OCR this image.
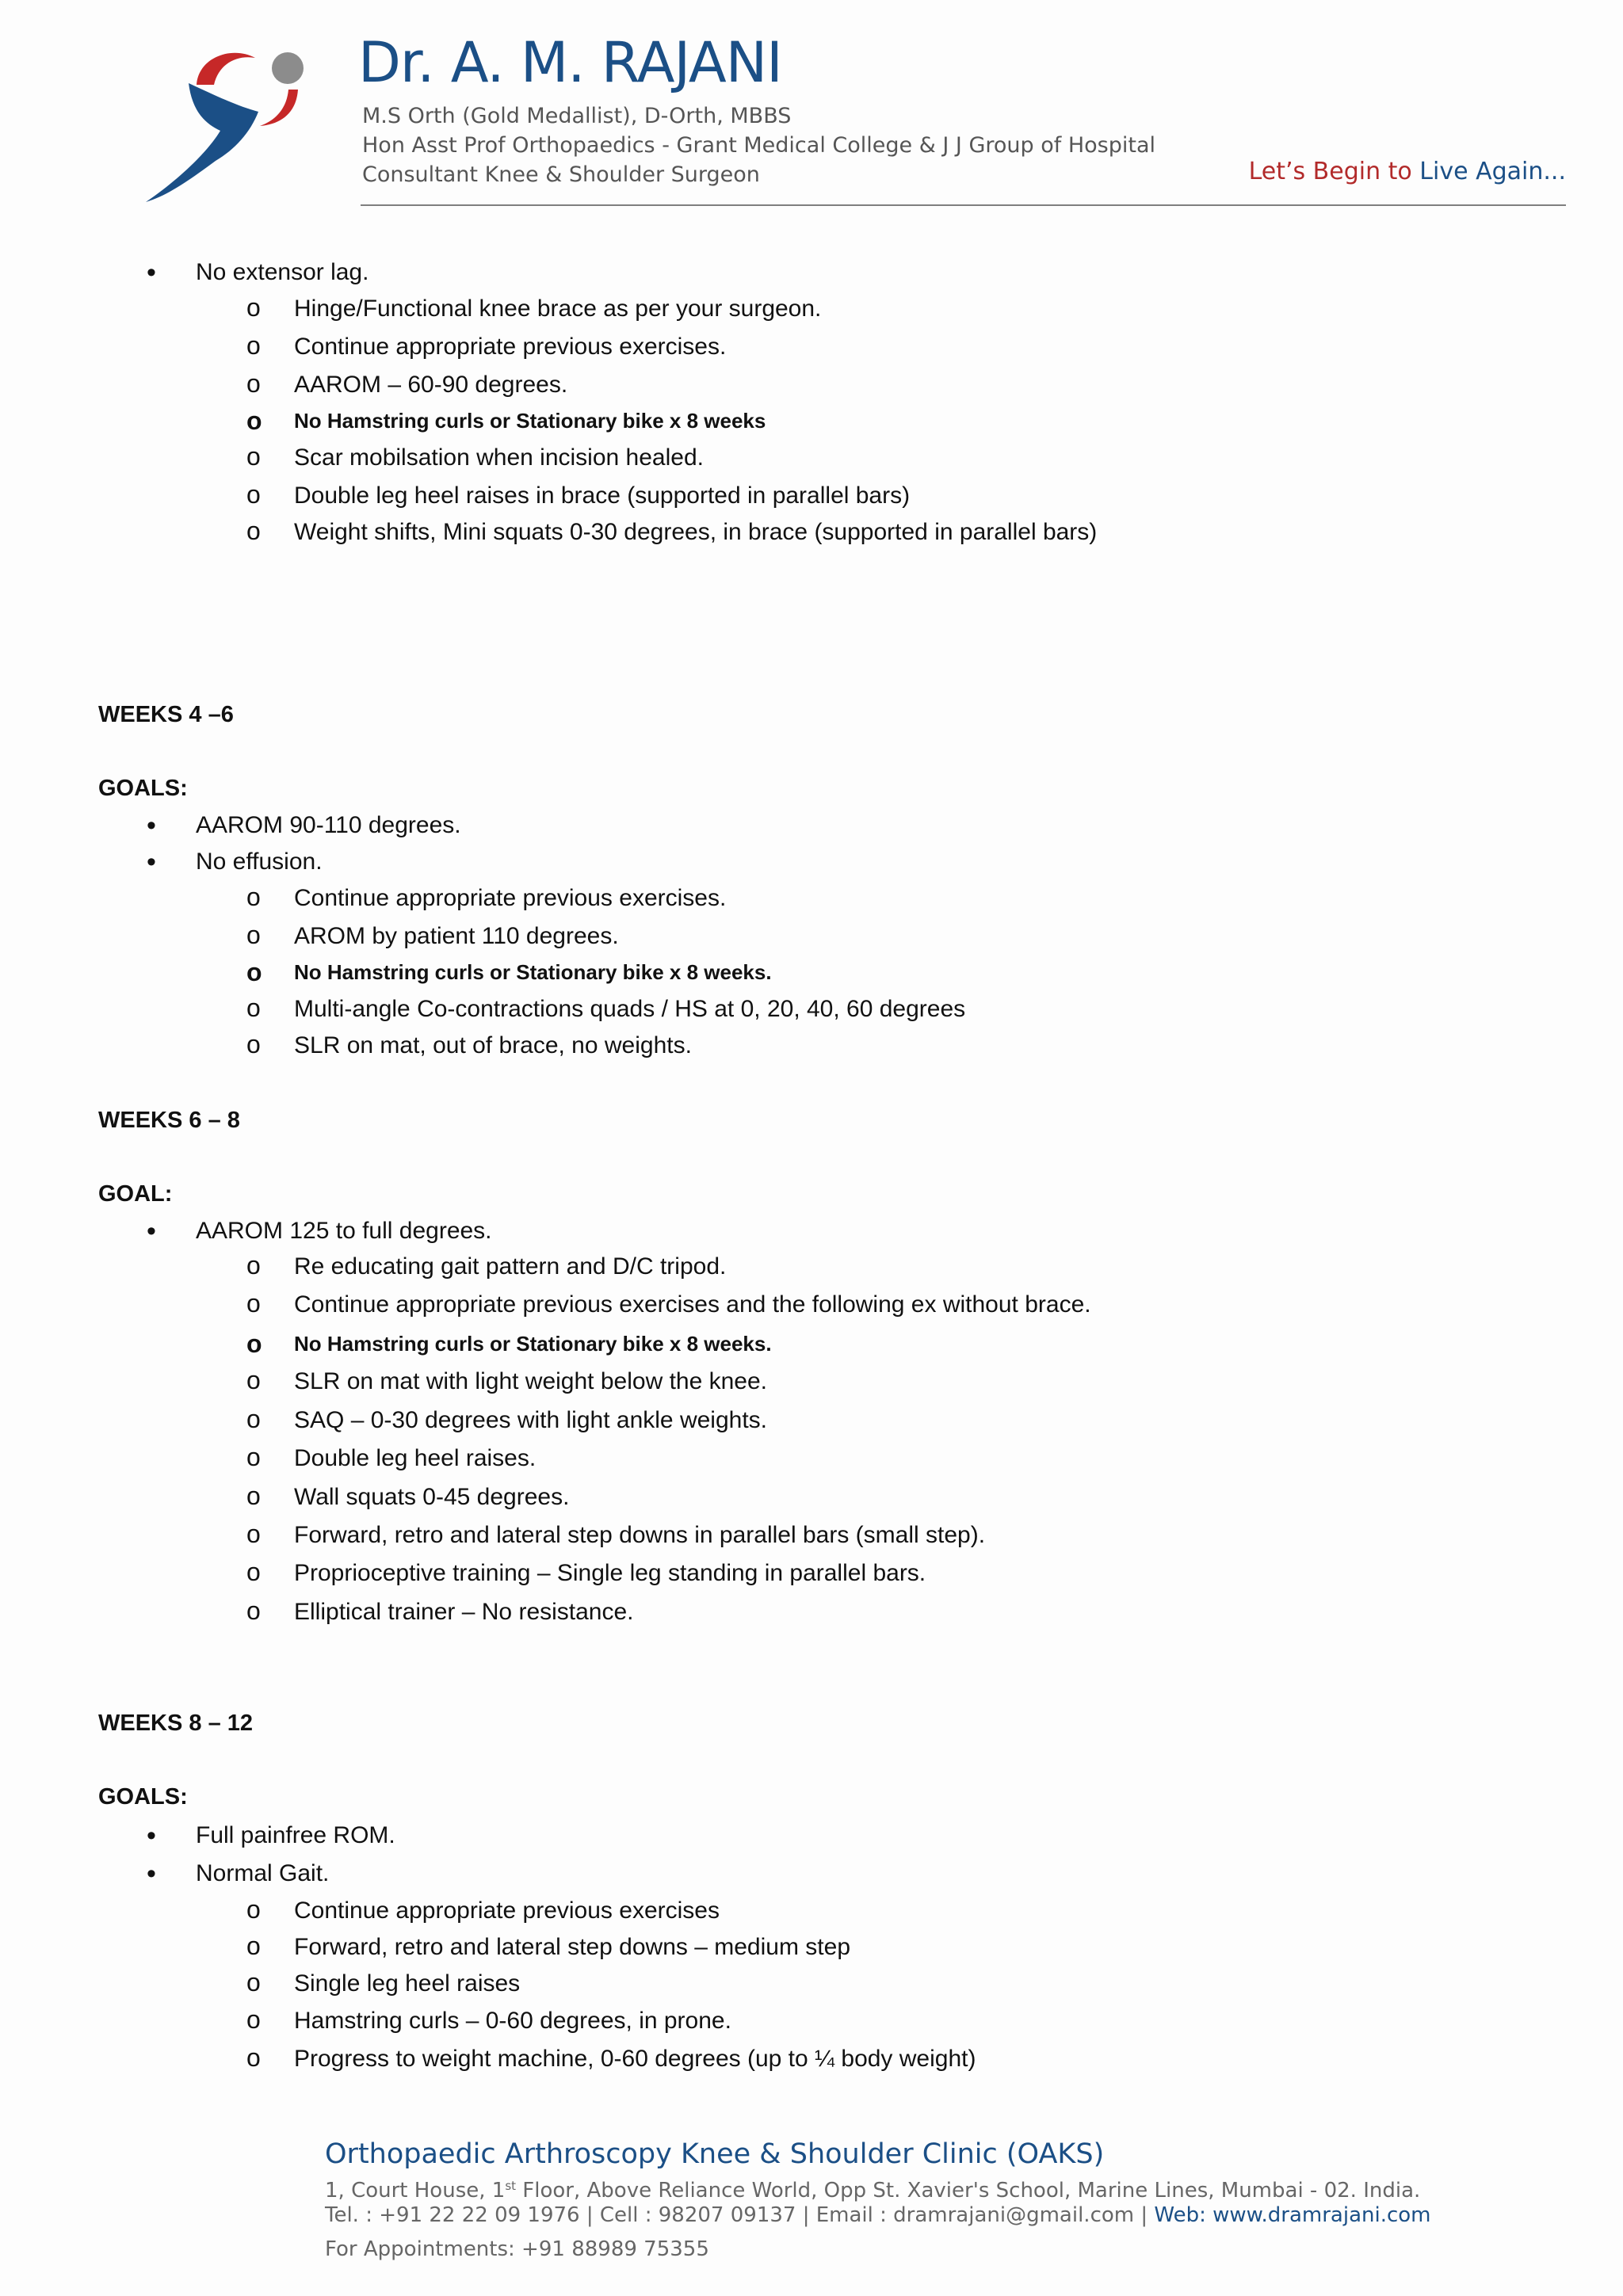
Dr. A. M. RAJANI
M.S Orth (Gold Medallist), D-Orth, MBBS
Hon Asst Prof Orthopaedics - Grant Medical College & J J Group of Hospital
Consultant Knee & Shoulder Surgeon	Let’s Begin to Live Again...
• No extensor lag.
o Hinge/Functional knee brace as per your surgeon.
o Continue appropriate previous exercises.
o AAROM – 60-90 degrees.
o No Hamstring curls or Stationary bike x 8 weeks
o Scar mobilsation when incision healed.
o Double leg heel raises in brace (supported in parallel bars)
o Weight shifts, Mini squats 0-30 degrees, in brace (supported in parallel bars)
WEEKS 4 –6
GOALS:
• AAROM 90-110 degrees.
• No effusion.
o Continue appropriate previous exercises.
o AROM by patient 110 degrees.
o No Hamstring curls or Stationary bike x 8 weeks.
o Multi-angle Co-contractions quads / HS at 0, 20, 40, 60 degrees
o SLR on mat, out of brace, no weights.
WEEKS 6 – 8
GOAL:
• AAROM 125 to full degrees.
o Re educating gait pattern and D/C tripod.
o Continue appropriate previous exercises and the following ex without brace.
o No Hamstring curls or Stationary bike x 8 weeks.
o SLR on mat with light weight below the knee.
o SAQ – 0-30 degrees with light ankle weights.
o Double leg heel raises.
o Wall squats 0-45 degrees.
o Forward, retro and lateral step downs in parallel bars (small step).
o Proprioceptive training – Single leg standing in parallel bars.
o Elliptical trainer – No resistance.
WEEKS 8 – 12
GOALS:
• Full painfree ROM.
• Normal Gait.
o Continue appropriate previous exercises
o Forward, retro and lateral step downs – medium step
o Single leg heel raises
o Hamstring curls – 0-60 degrees, in prone.
o Progress to weight machine, 0-60 degrees (up to ¼ body weight)
Orthopaedic Arthroscopy Knee & Shoulder Clinic (OAKS)
1, Court House, 1st Floor, Above Reliance World, Opp St. Xavier's School, Marine Lines, Mumbai - 02. India.
Tel. : +91 22 22 09 1976 | Cell : 98207 09137 | Email : dramrajani@gmail.com | Web: www.dramrajani.com
For Appointments: +91 88989 75355
